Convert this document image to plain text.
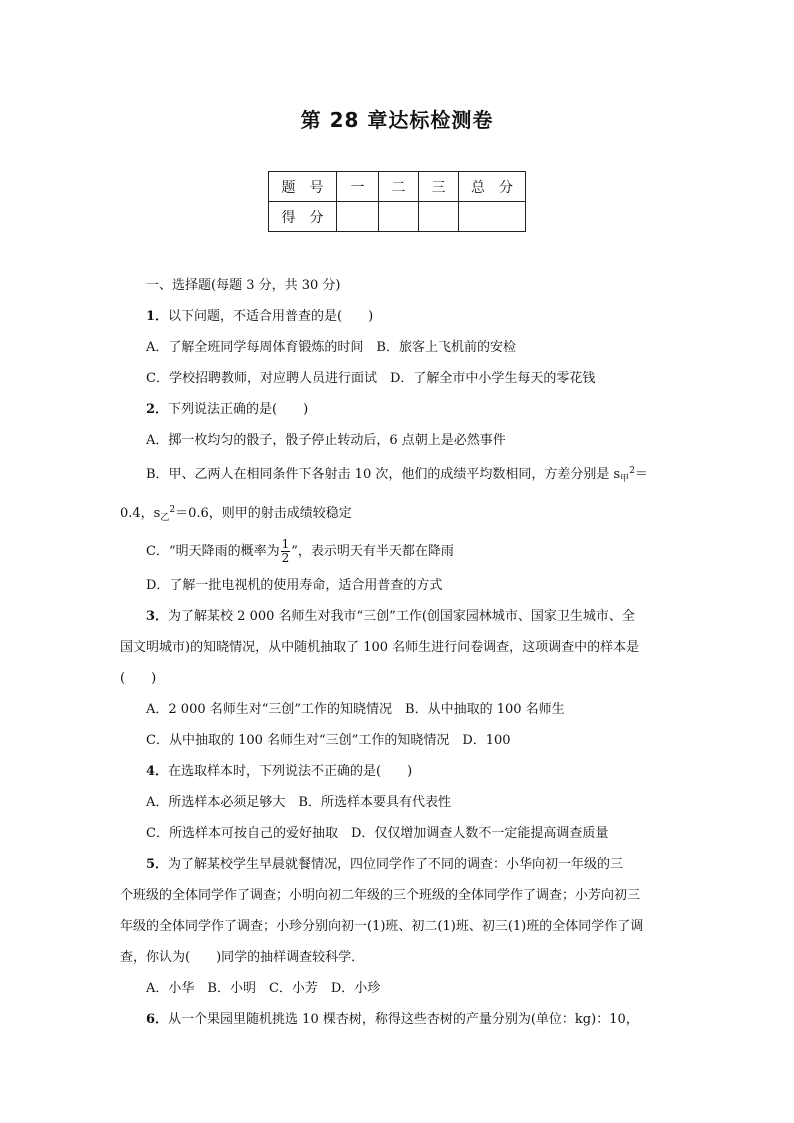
第 28 章达标检测卷
题　号	一	二	三	总　分
得　分				
一、选择题(每题 3 分，共 30 分)
1．以下问题，不适合用普查的是(　　)
A．了解全班同学每周体育锻炼的时间　B．旅客上飞机前的安检
C．学校招聘教师，对应聘人员进行面试　D．了解全市中小学生每天的零花钱
2．下列说法正确的是(　　)
A．掷一枚均匀的骰子，骰子停止转动后，6 点朝上是必然事件
B．甲、乙两人在相同条件下各射击 10 次，他们的成绩平均数相同，方差分别是 $s_甲^2=$
0.4，$s_乙^2=0.6$，则甲的射击成绩较稳定
C．“明天降雨的概率为 $\frac{1}{2}$ ”，表示明天有半天都在降雨
D．了解一批电视机的使用寿命，适合用普查的方式
3．为了解某校 2 000 名师生对我市“三创”工作(创国家园林城市、国家卫生城市、全
国文明城市)的知晓情况，从中随机抽取了 100 名师生进行问卷调查，这项调查中的样本是
(　　)
A．2 000 名师生对“三创”工作的知晓情况　B．从中抽取的 100 名师生
C．从中抽取的 100 名师生对“三创”工作的知晓情况　D．100
4．在选取样本时，下列说法不正确的是(　　)
A．所选样本必须足够大　B．所选样本要具有代表性
C．所选样本可按自己的爱好抽取　D．仅仅增加调查人数不一定能提高调查质量
5．为了解某校学生早晨就餐情况，四位同学作了不同的调查：小华向初一年级的三
个班级的全体同学作了调查；小明向初二年级的三个班级的全体同学作了调查；小芳向初三
年级的全体同学作了调查；小珍分别向初一(1)班、初二(1)班、初三(1)班的全体同学作了调
查，你认为(　　)同学的抽样调查较科学．
A．小华　B．小明　C．小芳　D．小珍
6．从一个果园里随机挑选 10 棵杏树，称得这些杏树的产量分别为(单位：kg)：10，
